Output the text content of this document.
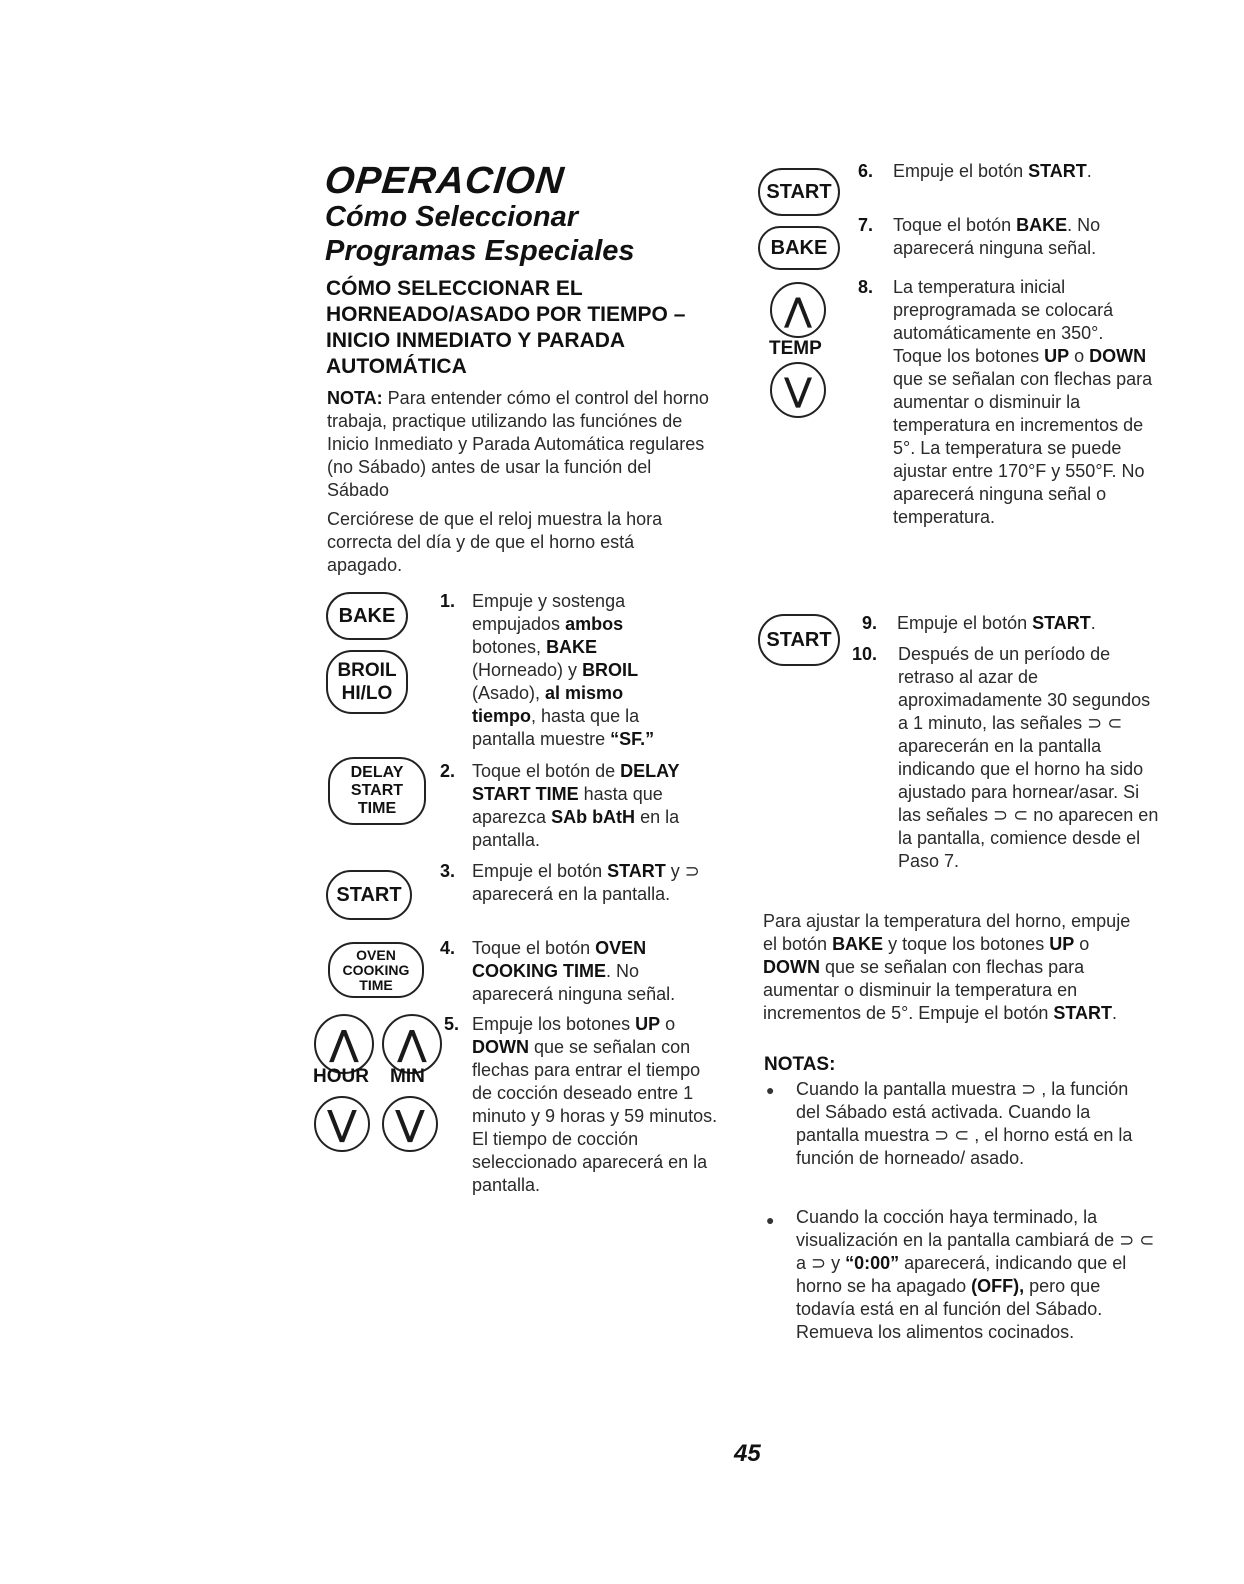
OPERACION
Cómo Seleccionar
Programas Especiales
CÓMO SELECCIONAR EL
HORNEADO/ASADO POR TIEMPO –
INICIO INMEDIATO Y PARADA
AUTOMÁTICA
NOTA: Para entender cómo el control del horno trabaja, practique utilizando las funciónes de Inicio Inmediato y Parada Automática regulares (no Sábado) antes de usar la función del Sábado
Cerciórese de que el reloj muestra la hora correcta del día y de que el horno está apagado.
BAKE
BROIL
HI/LO
DELAY
START
TIME
START
OVEN
COOKING
TIME
⋀ ⋀
HOUR MIN
⋁ ⋁
1. Empuje y sostenga empujados ambos botones, BAKE (Horneado) y BROIL (Asado), al mismo tiempo, hasta que la pantalla muestre “SF.”
2. Toque el botón de DELAY START TIME hasta que aparezca SAb bAtH en la pantalla.
3. Empuje el botón START y ⊃ aparecerá en la pantalla.
4. Toque el botón OVEN COOKING TIME. No aparecerá ninguna señal.
5. Empuje los botones UP o DOWN que se señalan con flechas para entrar el tiempo de cocción deseado entre 1 minuto y 9 horas y 59 minutos. El tiempo de cocción seleccionado aparecerá en la pantalla.
START
BAKE
⋀
TEMP
⋁
START
6. Empuje el botón START.
7. Toque el botón BAKE. No aparecerá ninguna señal.
8. La temperatura inicial preprogramada se colocará automáticamente en 350°. Toque los botones UP o DOWN que se señalan con flechas para aumentar o disminuir la temperatura en incrementos de 5°. La temperatura se puede ajustar entre 170°F y 550°F. No aparecerá ninguna señal o temperatura.
9. Empuje el botón START.
10. Después de un período de retraso al azar de aproximadamente 30 segundos a 1 minuto, las señales ⊃ ⊂ aparecerán en la pantalla indicando que el horno ha sido ajustado para hornear/asar. Si las señales ⊃ ⊂ no aparecen en la pantalla, comience desde el Paso 7.
Para ajustar la temperatura del horno, empuje el botón BAKE y toque los botones UP o DOWN que se señalan con flechas para aumentar o disminuir la temperatura en incrementos de 5°. Empuje el botón START.
NOTAS:
● Cuando la pantalla muestra ⊃ , la función del Sábado está activada. Cuando la pantalla muestra ⊃ ⊂ , el horno está en la función de horneado/ asado.
● Cuando la cocción haya terminado, la visualización en la pantalla cambiará de ⊃ ⊂ a ⊃ y “0:00” aparecerá, indicando que el horno se ha apagado (OFF), pero que todavía está en al función del Sábado. Remueva los alimentos cocinados.
45
